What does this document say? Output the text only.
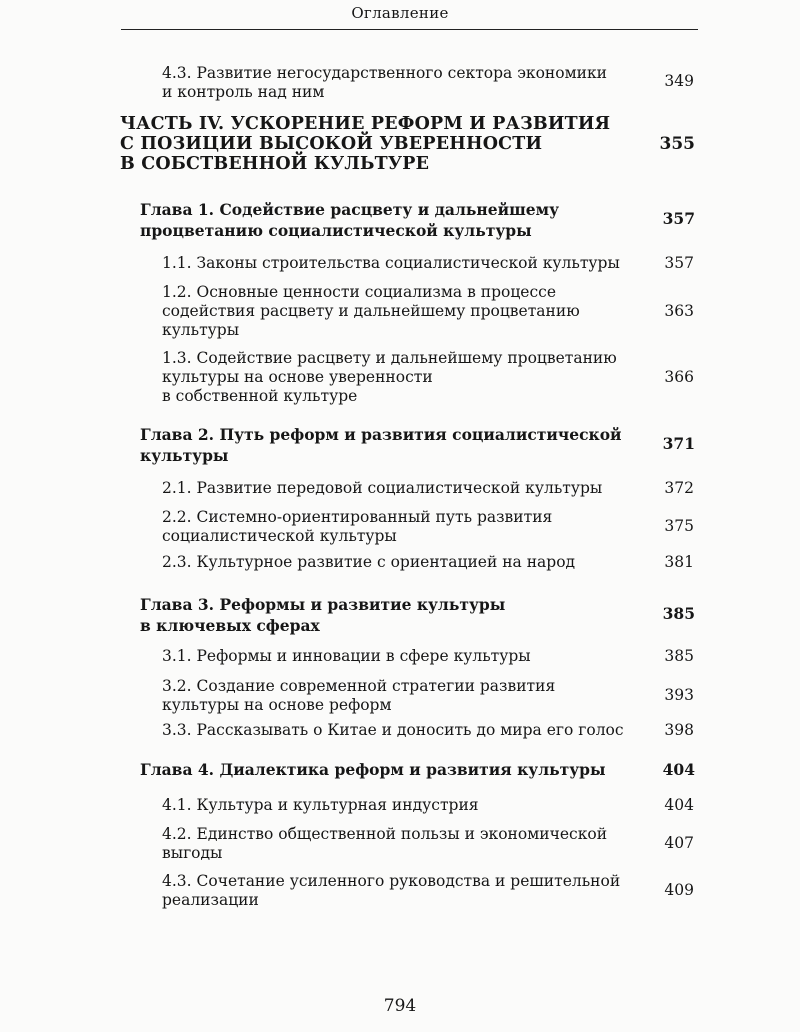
Оглавление
4.3. Развитие негосударственного сектора экономики
и контроль над ним
349
ЧАСТЬ IV. УСКОРЕНИЕ РЕФОРМ И РАЗВИТИЯ
С ПОЗИЦИИ ВЫСОКОЙ УВЕРЕННОСТИ
В СОБСТВЕННОЙ КУЛЬТУРЕ
355
Глава 1. Содействие расцвету и дальнейшему
процветанию социалистической культуры
357
1.1. Законы строительства социалистической культуры	357
1.2. Основные ценности социализма в процессе
содействия расцвету и дальнейшему процветанию
культуры
363
1.3. Содействие расцвету и дальнейшему процветанию
культуры на основе уверенности
в собственной культуре
366
Глава 2. Путь реформ и развития социалистической
культуры
371
2.1. Развитие передовой социалистической культуры	372
2.2. Системно-ориентированный путь развития
социалистической культуры
375
2.3. Культурное развитие с ориентацией на народ	381
Глава 3. Реформы и развитие культуры
в ключевых сферах
385
3.1. Реформы и инновации в сфере культуры	385
3.2. Создание современной стратегии развития
культуры на основе реформ
393
3.3. Рассказывать о Китае и доносить до мира его голос	398
Глава 4. Диалектика реформ и развития культуры	404
4.1. Культура и культурная индустрия	404
4.2. Единство общественной пользы и экономической
выгоды
407
4.3. Сочетание усиленного руководства и решительной
реализации
409
794
